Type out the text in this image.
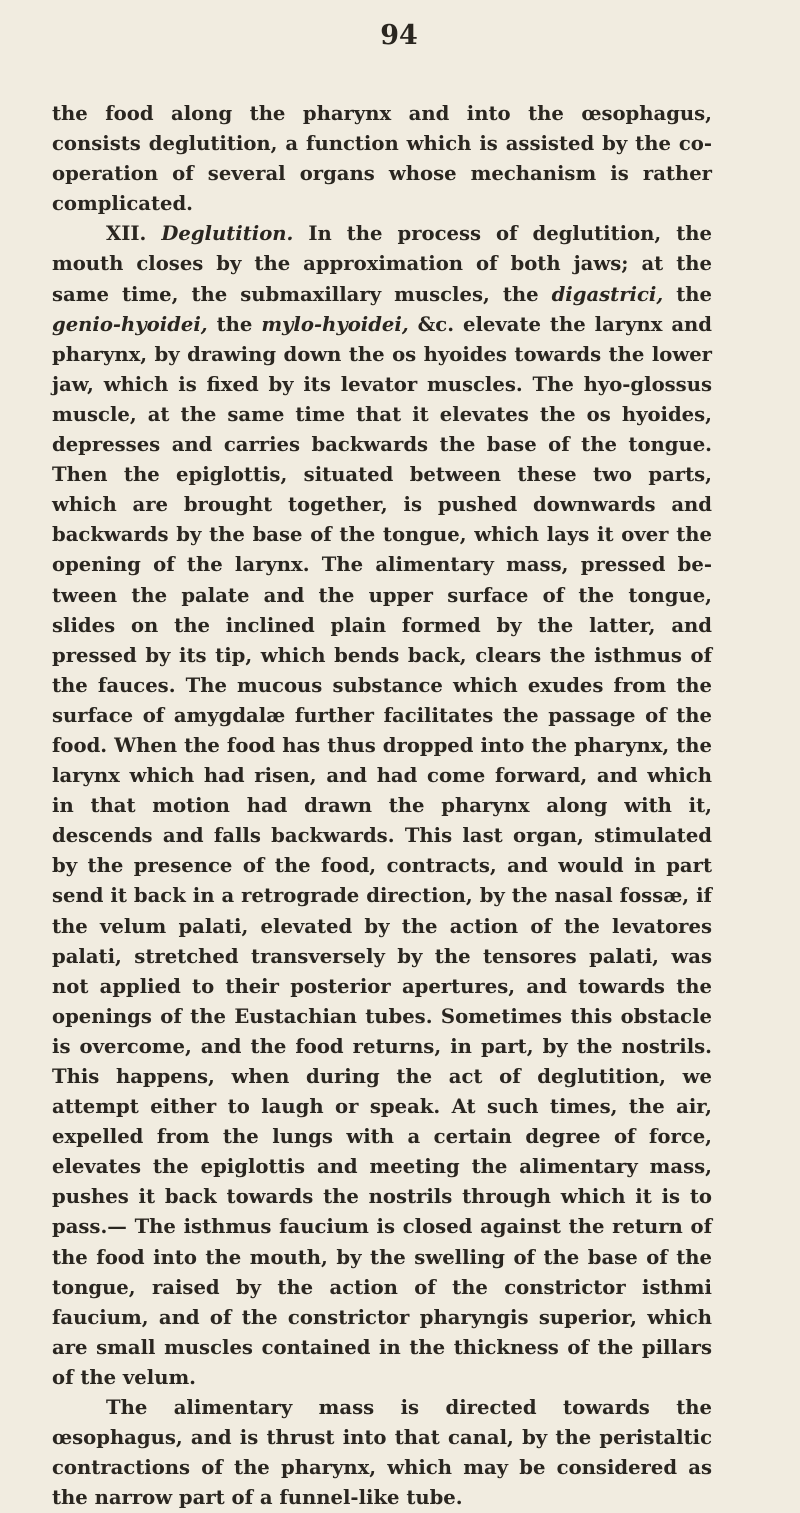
94

the food along the pharynx and into the œsophagus, consists deglutition, a function which is assisted by the co-operation of several organs whose mechanism is rather complicated.

XII. Deglutition. In the process of deglutition, the mouth closes by the approximation of both jaws; at the same time, the submaxillary muscles, the digastrici, the genio-hyoidei, the mylo-hyoidei, &c. elevate the larynx and pharynx, by drawing down the os hyoides towards the lower jaw, which is fixed by its levator muscles. The hyo-glossus muscle, at the same time that it elevates the os hyoides, depresses and carries backwards the base of the tongue. Then the epiglottis, situated between these two parts, which are brought together, is pushed downwards and backwards by the base of the tongue, which lays it over the opening of the larynx. The alimentary mass, pressed between the palate and the upper surface of the tongue, slides on the inclined plain formed by the latter, and pressed by its tip, which bends back, clears the isthmus of the fauces. The mucous substance which exudes from the surface of amygdalæ further facilitates the passage of the food. When the food has thus dropped into the pharynx, the larynx which had risen, and had come forward, and which in that motion had drawn the pharynx along with it, descends and falls backwards. This last organ, stimulated by the presence of the food, contracts, and would in part send it back in a retrograde direction, by the nasal fossæ, if the velum palati, elevated by the action of the levatores palati, stretched transversely by the tensores palati, was not applied to their posterior apertures, and towards the openings of the Eustachian tubes. Sometimes this obstacle is overcome, and the food returns, in part, by the nostrils. This happens, when during the act of deglutition, we attempt either to laugh or speak. At such times, the air, expelled from the lungs with a certain degree of force, elevates the epiglottis and meeting the alimentary mass, pushes it back towards the nostrils through which it is to pass.— The isthmus faucium is closed against the return of the food into the mouth, by the swelling of the base of the tongue, raised by the action of the constrictor isthmi faucium, and of the constrictor pharyngis superior, which are small muscles contained in the thickness of the pillars of the velum.

The alimentary mass is directed towards the œsophagus, and is thrust into that canal, by the peristaltic contractions of the pharynx, which may be considered as the narrow part of a funnel-like tube.
